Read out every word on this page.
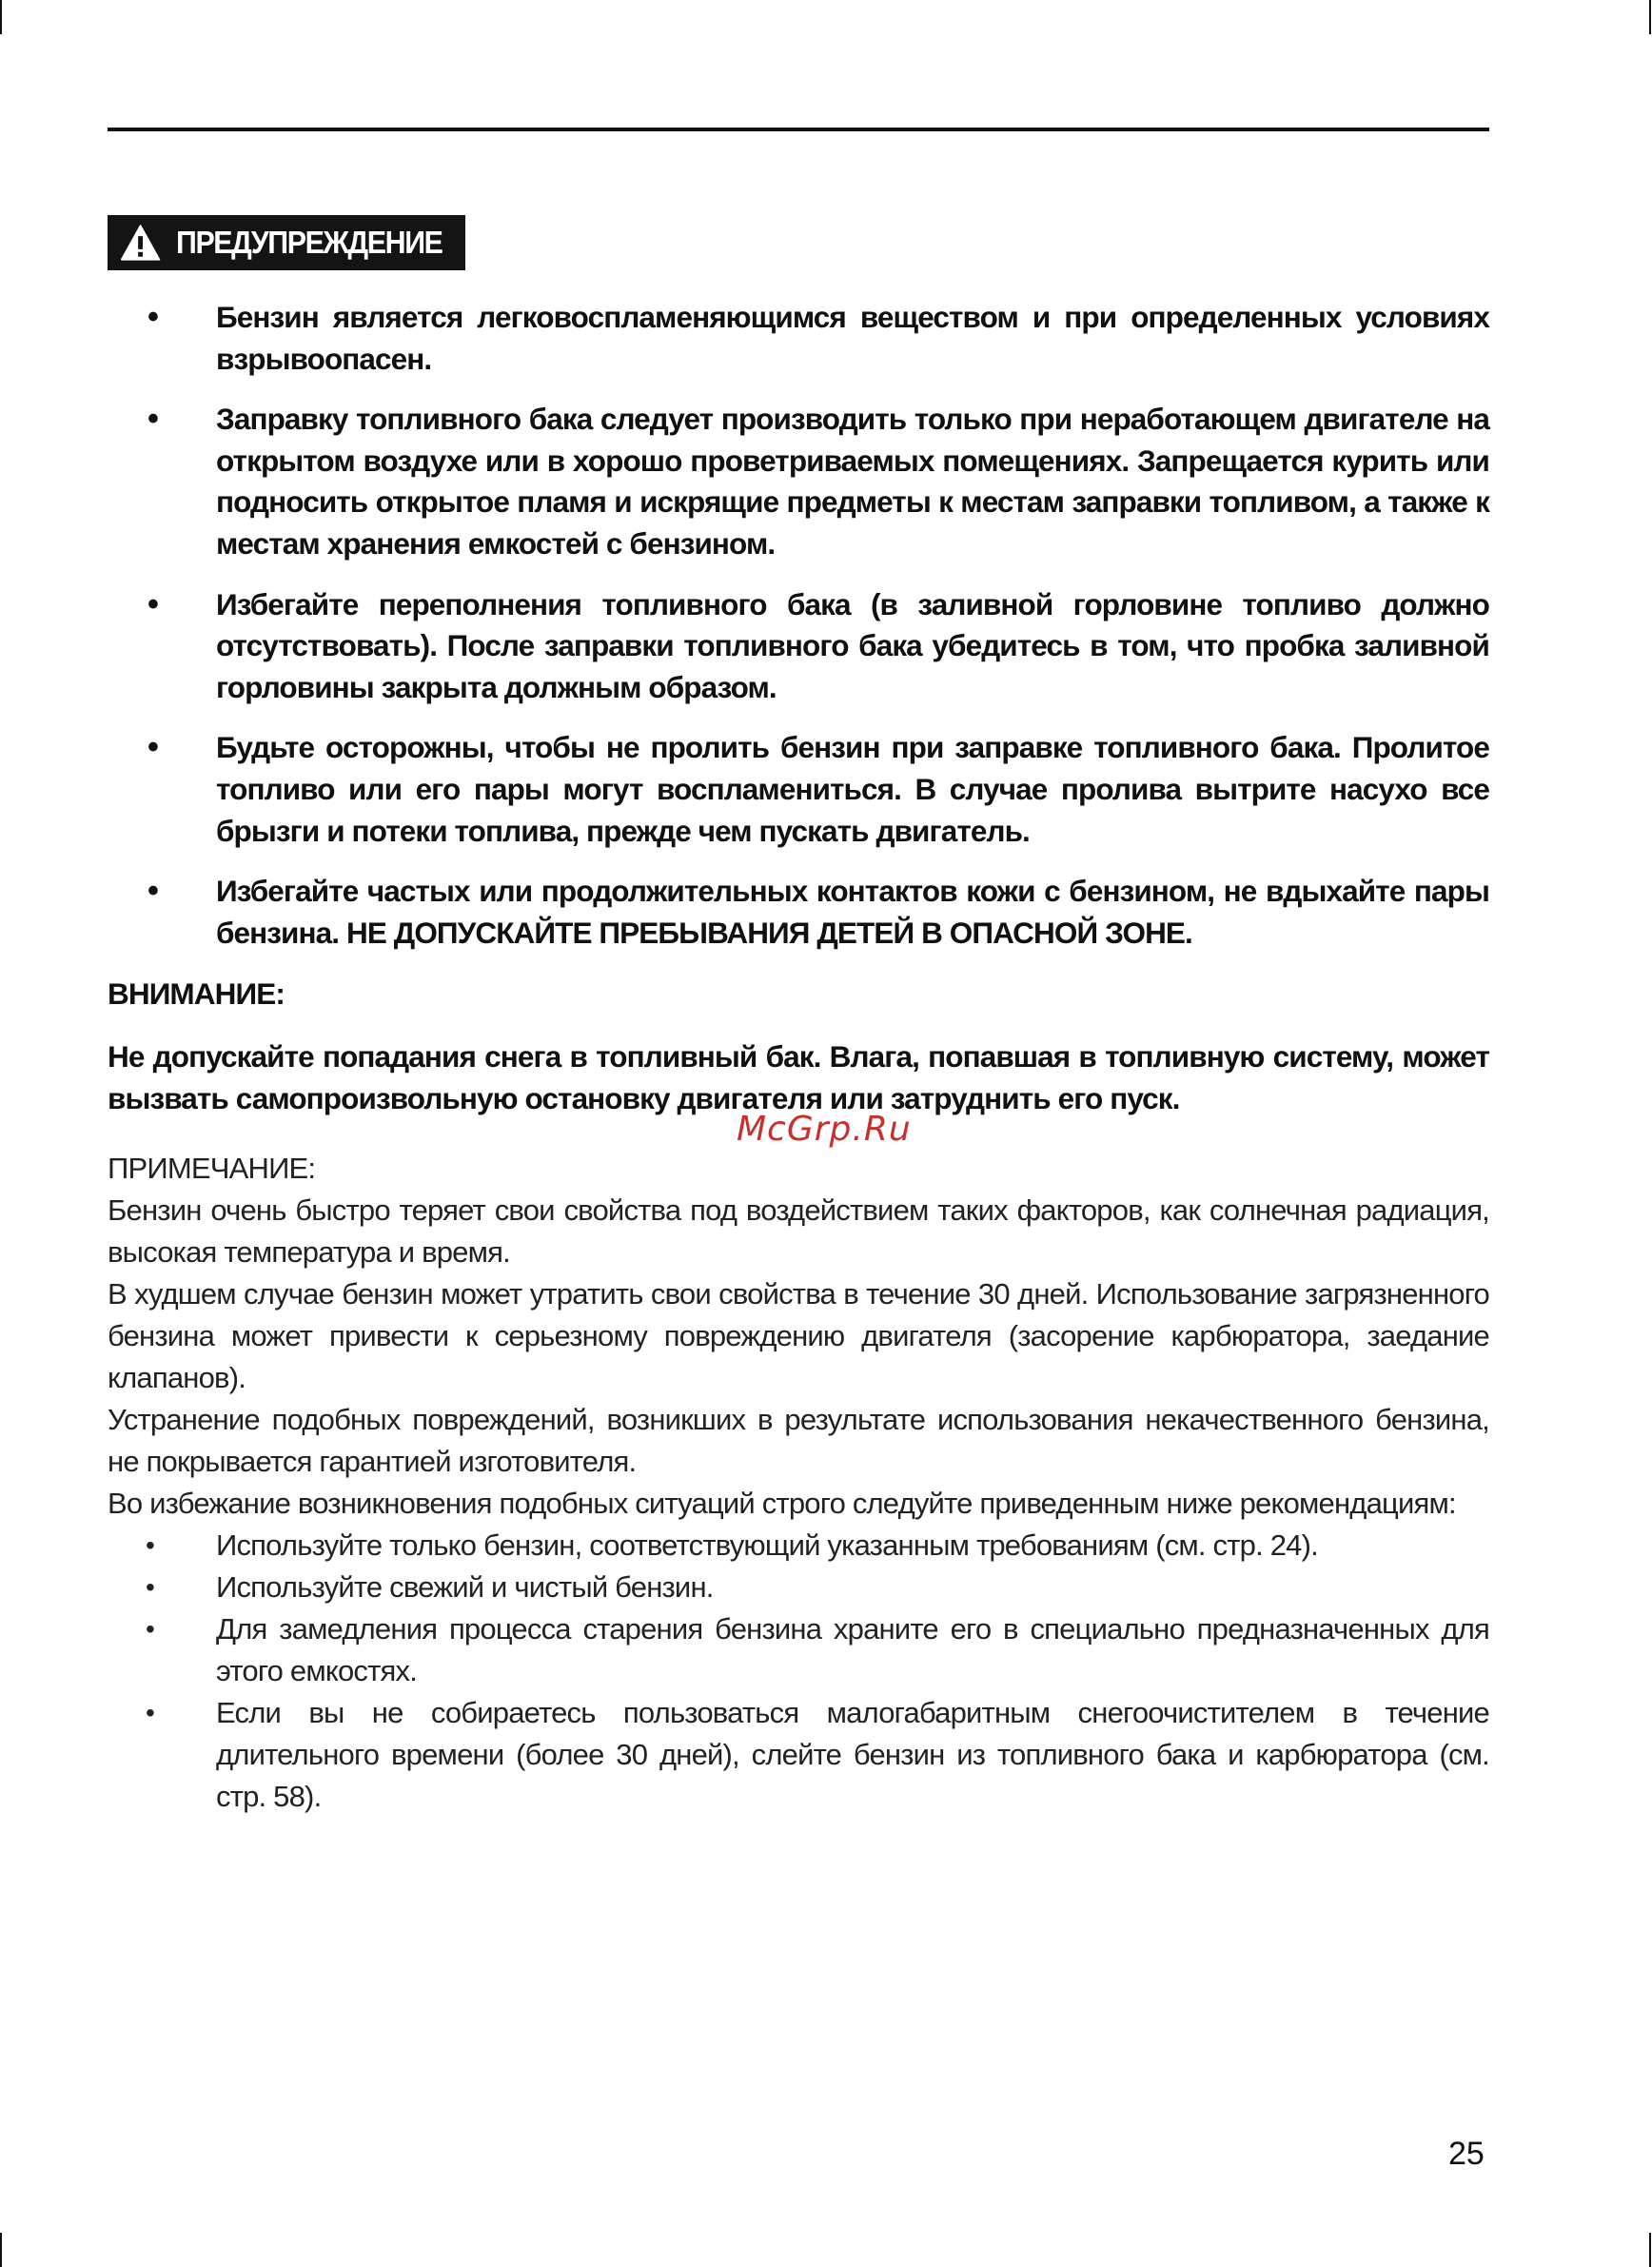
ПРЕДУПРЕЖДЕНИЕ
• Бензин является легковоспламеняющимся веществом и при определенных условиях взрывоопасен.
• Заправку топливного бака следует производить только при неработающем двигателе на открытом воздухе или в хорошо проветриваемых помещениях. Запрещается курить или подносить открытое пламя и искрящие предметы к местам заправки топливом, а также к местам хранения емкостей с бензином.
• Избегайте переполнения топливного бака (в заливной горловине топливо должно отсутствовать). После заправки топливного бака убедитесь в том, что пробка заливной горловины закрыта должным образом.
• Будьте осторожны, чтобы не пролить бензин при заправке топливного бака. Пролитое топливо или его пары могут воспламениться. В случае пролива вытрите насухо все брызги и потеки топлива, прежде чем пускать двигатель.
• Избегайте частых или продолжительных контактов кожи с бензином, не вдыхайте пары бензина. НЕ ДОПУСКАЙТЕ ПРЕБЫВАНИЯ ДЕТЕЙ В ОПАСНОЙ ЗОНЕ.
ВНИМАНИЕ:

Не допускайте попадания снега в топливный бак. Влага, попавшая в топливную систему, может вызвать самопроизвольную остановку двигателя или затруднить его пуск.

ПРИМЕЧАНИЕ:

Бензин очень быстро теряет свои свойства под воздействием таких факторов, как солнечная радиация, высокая температура и время.

В худшем случае бензин может утратить свои свойства в течение 30 дней. Использование загрязненного бензина может привести к серьезному повреждению двигателя (засорение карбюратора, заедание клапанов).

Устранение подобных повреждений, возникших в результате использования некачественного бензина, не покрывается гарантией изготовителя.

Во избежание возникновения подобных ситуаций строго следуйте приведенным ниже рекомендациям:

• Используйте только бензин, соответствующий указанным требованиям (см. стр. 24).
• Используйте свежий и чистый бензин.
• Для замедления процесса старения бензина храните его в специально предназначенных для этого емкостях.
• Если вы не собираетесь пользоваться малогабаритным снегоочистителем в течение длительного времени (более 30 дней), слейте бензин из топливного бака и карбюратора (см. стр. 58).
McGrp.Ru
25
